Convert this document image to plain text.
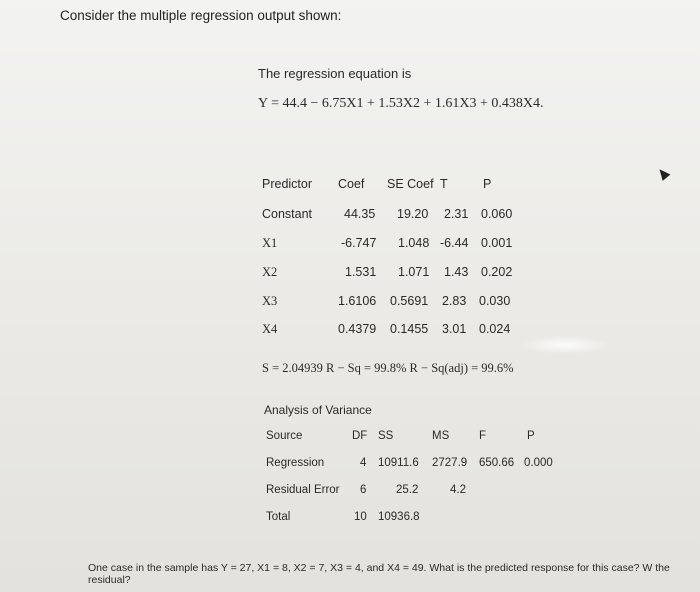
Consider the multiple regression output shown:
The regression equation is
Y = 44.4 − 6.75X1 + 1.53X2 + 1.61X3 + 0.438X4.
Predictor Coef SE Coef T	P
Constant	44.35 19.20 2.31 0.060
X1	-6.747 1.048 -6.44 0.001
X2	1.531 1.071 1.43 0.202
X3	1.6106 0.5691 2.83 0.030
X4	0.4379 0.1455 3.01 0.024
S = 2.04939 R − Sq = 99.8% R − Sq(adj) = 99.6%
Analysis of Variance
Source	DF SS	MS	F	P
Regression	4 10911.6 2727.9 650.66 0.000
Residual Error 6	25.2	4.2
Total	10 10936.8
One case in the sample has Y = 27, X1 = 8, X2 = 7, X3 = 4, and X4 = 49. What is the predicted response for this case? W the residual?
